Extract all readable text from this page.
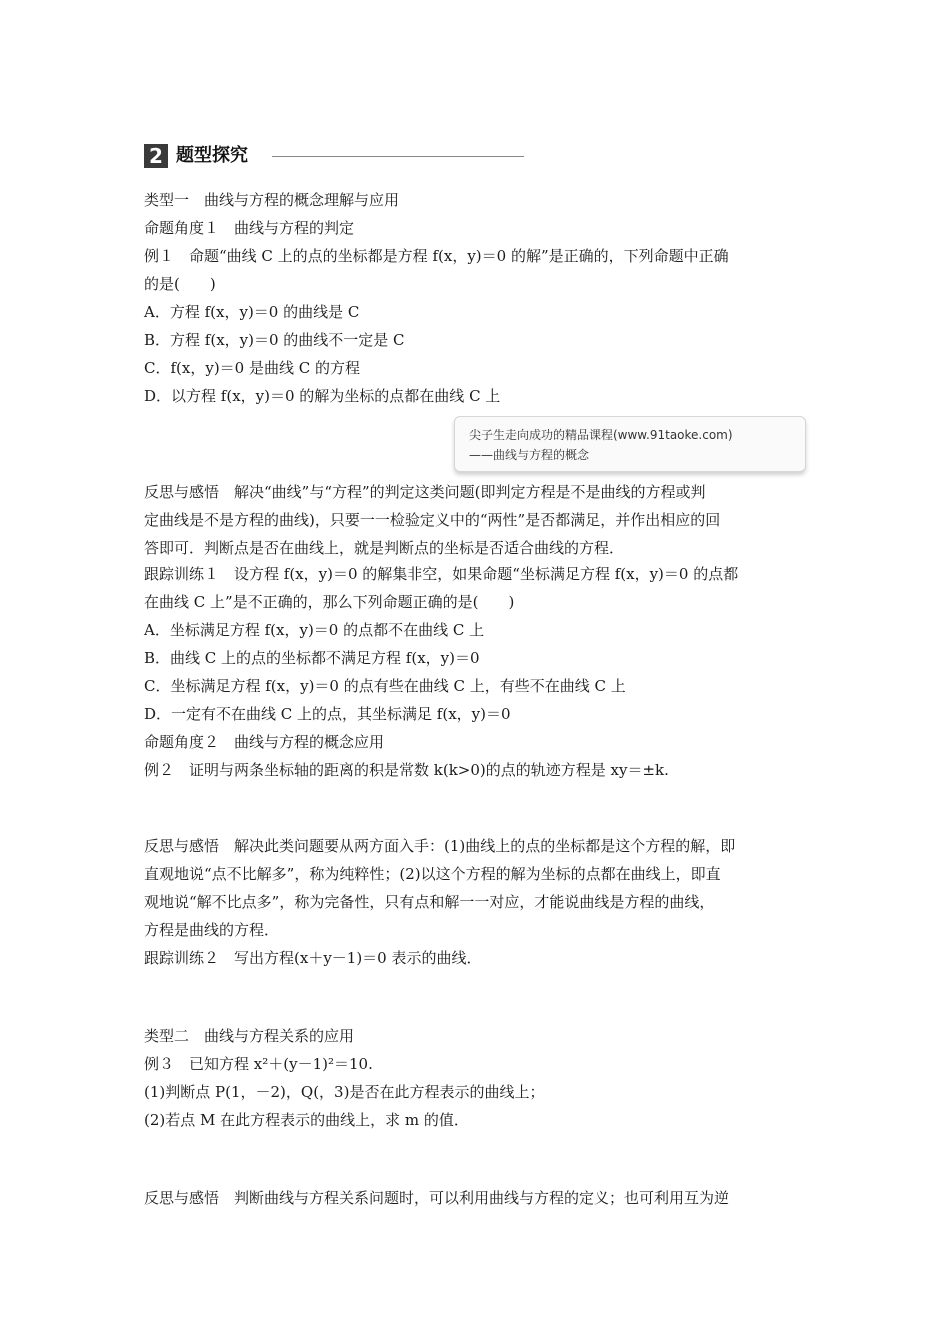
2 题型探究
类型一　曲线与方程的概念理解与应用
命题角度１　曲线与方程的判定
例１　命题“曲线 C 上的点的坐标都是方程 f(x，y)＝0 的解”是正确的，下列命题中正确
的是(　　)
A．方程 f(x，y)＝0 的曲线是 C
B．方程 f(x，y)＝0 的曲线不一定是 C
C．f(x，y)＝0 是曲线 C 的方程
D．以方程 f(x，y)＝0 的解为坐标的点都在曲线 C 上
尖子生走向成功的精品课程(www.91taoke.com)
——曲线与方程的概念
反思与感悟　解决“曲线”与“方程”的判定这类问题(即判定方程是不是曲线的方程或判
定曲线是不是方程的曲线)，只要一一检验定义中的“两性”是否都满足，并作出相应的回
答即可．判断点是否在曲线上，就是判断点的坐标是否适合曲线的方程．
跟踪训练１　设方程 f(x，y)＝0 的解集非空，如果命题“坐标满足方程 f(x，y)＝0 的点都
在曲线 C 上”是不正确的，那么下列命题正确的是(　　)
A．坐标满足方程 f(x，y)＝0 的点都不在曲线 C 上
B．曲线 C 上的点的坐标都不满足方程 f(x，y)＝0
C．坐标满足方程 f(x，y)＝0 的点有些在曲线 C 上，有些不在曲线 C 上
D．一定有不在曲线 C 上的点，其坐标满足 f(x，y)＝0
命题角度２　曲线与方程的概念应用
例２　证明与两条坐标轴的距离的积是常数 k(k>0)的点的轨迹方程是 xy＝±k.
反思与感悟　解决此类问题要从两方面入手：(1)曲线上的点的坐标都是这个方程的解，即
直观地说“点不比解多”，称为纯粹性；(2)以这个方程的解为坐标的点都在曲线上，即直
观地说“解不比点多”，称为完备性，只有点和解一一对应，才能说曲线是方程的曲线，
方程是曲线的方程．
跟踪训练２　写出方程(x＋y－1)＝0 表示的曲线．
类型二　曲线与方程关系的应用
例３　已知方程 x²＋(y－1)²＝10.
(1)判断点 P(1，－2)，Q(，3)是否在此方程表示的曲线上；
(2)若点 M 在此方程表示的曲线上，求 m 的值．
反思与感悟　判断曲线与方程关系问题时，可以利用曲线与方程的定义；也可利用互为逆
